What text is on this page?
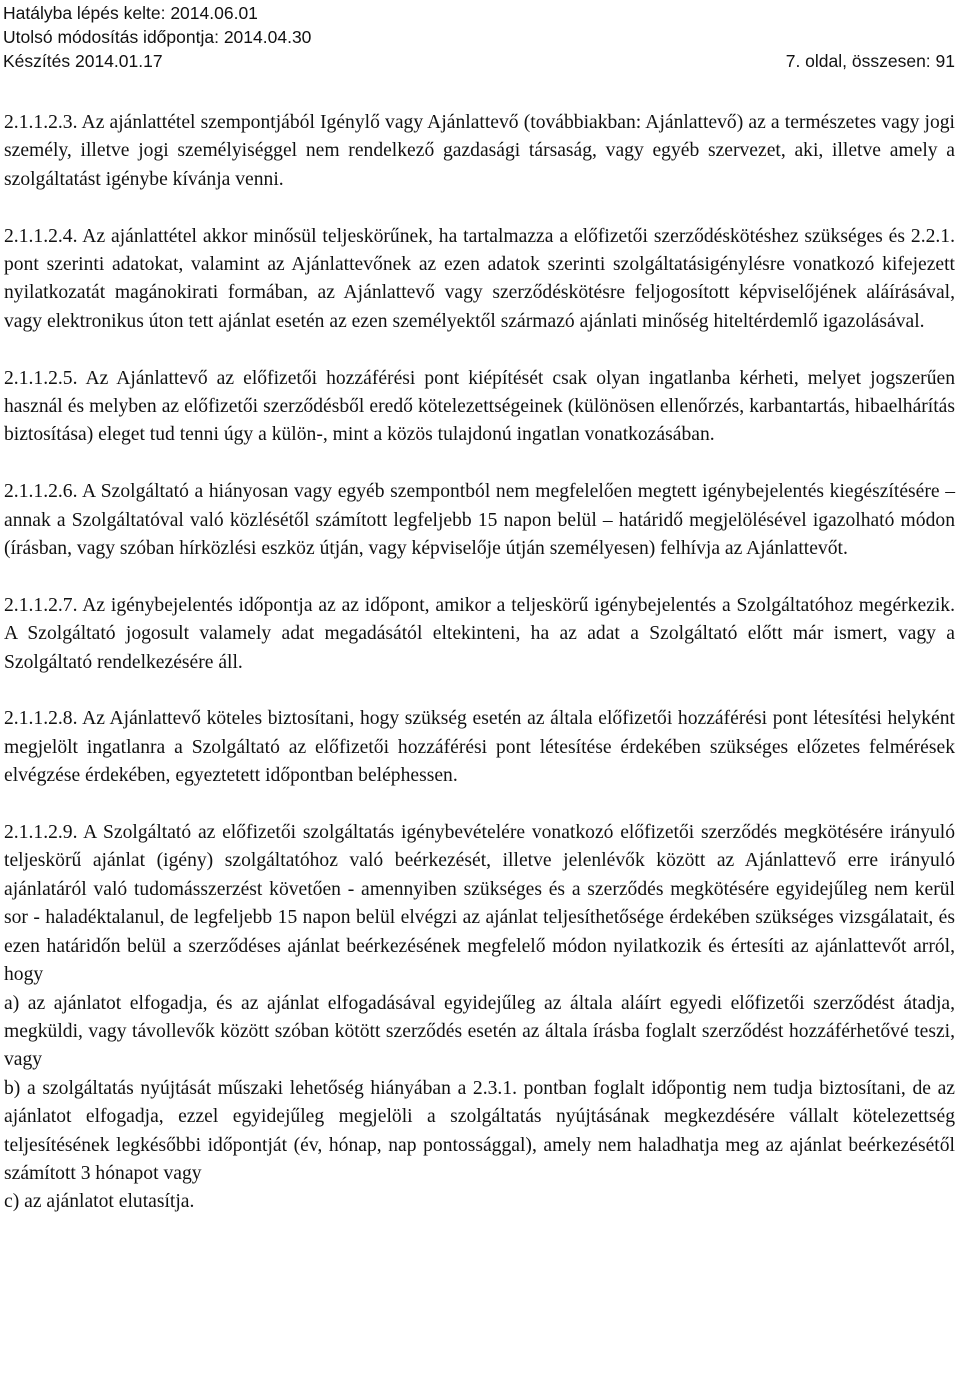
Hatályba lépés kelte: 2014.06.01
Utolsó módosítás időpontja: 2014.04.30
Készítés 2014.01.17	7. oldal, összesen: 91

2.1.1.2.3. Az ajánlattétel szempontjából Igénylő vagy Ajánlattevő (továbbiakban: Ajánlattevő) az a természetes vagy jogi személy, illetve jogi személyiséggel nem rendelkező gazdasági társaság, vagy egyéb szervezet, aki, illetve amely a szolgáltatást igénybe kívánja venni.

2.1.1.2.4. Az ajánlattétel akkor minősül teljeskörűnek, ha tartalmazza a előfizetői szerződéskötéshez szükséges és 2.2.1. pont szerinti adatokat, valamint az Ajánlattevőnek az ezen adatok szerinti szolgáltatásigénylésre vonatkozó kifejezett nyilatkozatát magánokirati formában, az Ajánlattevő vagy szerződéskötésre feljogosított képviselőjének aláírásával, vagy elektronikus úton tett ajánlat esetén az ezen személyektől származó ajánlati minőség hiteltérdemlő igazolásával.

2.1.1.2.5. Az Ajánlattevő az előfizetői hozzáférési pont kiépítését csak olyan ingatlanba kérheti, melyet jogszerűen használ és melyben az előfizetői szerződésből eredő kötelezettségeinek (különösen ellenőrzés, karbantartás, hibaelhárítás biztosítása) eleget tud tenni úgy a külön-, mint a közös tulajdonú ingatlan vonatkozásában.

2.1.1.2.6. A Szolgáltató a hiányosan vagy egyéb szempontból nem megfelelően megtett igénybejelentés kiegészítésére – annak a Szolgáltatóval való közlésétől számított legfeljebb 15 napon belül – határidő megjelölésével igazolható módon (írásban, vagy szóban hírközlési eszköz útján, vagy képviselője útján személyesen) felhívja az Ajánlattevőt.

2.1.1.2.7. Az igénybejelentés időpontja az az időpont, amikor a teljeskörű igénybejelentés a Szolgáltatóhoz megérkezik. A Szolgáltató jogosult valamely adat megadásától eltekinteni, ha az adat a Szolgáltató előtt már ismert, vagy a Szolgáltató rendelkezésére áll.

2.1.1.2.8. Az Ajánlattevő köteles biztosítani, hogy szükség esetén az általa előfizetői hozzáférési pont létesítési helyként megjelölt ingatlanra a Szolgáltató az előfizetői hozzáférési pont létesítése érdekében szükséges előzetes felmérések elvégzése érdekében, egyeztetett időpontban beléphessen.

2.1.1.2.9. A Szolgáltató az előfizetői szolgáltatás igénybevételére vonatkozó előfizetői szerződés megkötésére irányuló teljeskörű ajánlat (igény) szolgáltatóhoz való beérkezését, illetve jelenlévők között az Ajánlattevő erre irányuló ajánlatáról való tudomásszerzést követően - amennyiben szükséges és a szerződés megkötésére egyidejűleg nem kerül sor - haladéktalanul, de legfeljebb 15 napon belül elvégzi az ajánlat teljesíthetősége érdekében szükséges vizsgálatait, és ezen határidőn belül a szerződéses ajánlat beérkezésének megfelelő módon nyilatkozik és értesíti az ajánlattevőt arról, hogy

a) az ajánlatot elfogadja, és az ajánlat elfogadásával egyidejűleg az általa aláírt egyedi előfizetői szerződést átadja, megküldi, vagy távollevők között szóban kötött szerződés esetén az általa írásba foglalt szerződést hozzáférhetővé teszi, vagy

b) a szolgáltatás nyújtását műszaki lehetőség hiányában a 2.3.1. pontban foglalt időpontig nem tudja biztosítani, de az ajánlatot elfogadja, ezzel egyidejűleg megjelöli a szolgáltatás nyújtásának megkezdésére vállalt kötelezettség teljesítésének legkésőbbi időpontját (év, hónap, nap pontossággal), amely nem haladhatja meg az ajánlat beérkezésétől számított 3 hónapot vagy

c) az ajánlatot elutasítja.
